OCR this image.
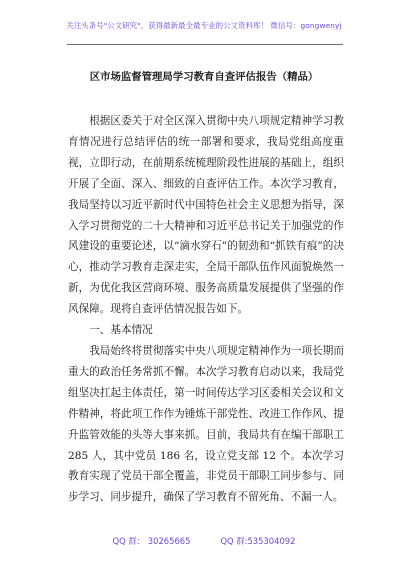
关注头条号"公文研究"，获得最新最全最专业的公文资料库！ 微信号：gongwenyj
区市场监督管理局学习教育自查评估报告（精品）

根据区委关于对全区深入贯彻中央八项规定精神学习教育情况进行总结评估的统一部署和要求，我局党组高度重视，立即行动，在前期系统梳理阶段性进展的基础上，组织开展了全面、深入、细致的自查评估工作。本次学习教育，我局坚持以习近平新时代中国特色社会主义思想为指导，深入学习贯彻党的二十大精神和习近平总书记关于加强党的作风建设的重要论述，以“滴水穿石”的韧劲和“抓铁有痕”的决心，推动学习教育走深走实，全局干部队伍作风面貌焕然一新，为优化我区营商环境、服务高质量发展提供了坚强的作风保障。现将自查评估情况报告如下。

一、基本情况

我局始终将贯彻落实中央八项规定精神作为一项长期而重大的政治任务常抓不懈。本次学习教育启动以来，我局党组坚决扛起主体责任，第一时间传达学习区委相关会议和文件精神，将此项工作作为锤炼干部党性、改进工作作风、提升监管效能的头等大事来抓。目前，我局共有在编干部职工 285 人，其中党员 186 名，设立党支部 12 个。本次学习教育实现了党员干部全覆盖，非党员干部职工同步参与、同步学习、同步提升，确保了学习教育不留死角、不漏一人。

QQ 群： 30265665	QQ 群:535304092
